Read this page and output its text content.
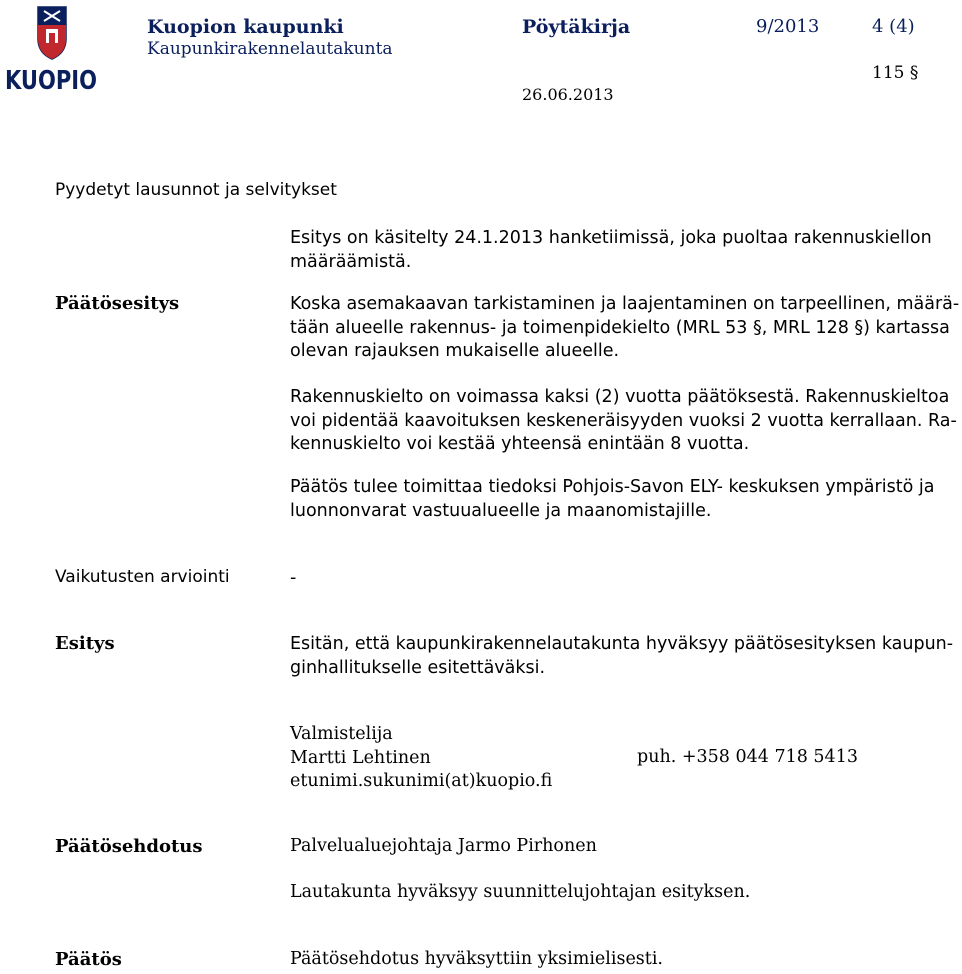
KUOPIO
Kuopion kaupunki
Kaupunkirakennelautakunta
Pöytäkirja	9/2013	4 (4)
115 §
26.06.2013
Pyydetyt lausunnot ja selvitykset
Esitys on käsitelty 24.1.2013 hanketiimissä, joka puoltaa rakennuskiellon
määräämistä.
Päätösesitys	Koska asemakaavan tarkistaminen ja laajentaminen on tarpeellinen, määrä-
tään alueelle rakennus- ja toimenpidekielto (MRL 53 §, MRL 128 §) kartassa
olevan rajauksen mukaiselle alueelle.
Rakennuskielto on voimassa kaksi (2) vuotta päätöksestä. Rakennuskieltoa
voi pidentää kaavoituksen keskeneräisyyden vuoksi 2 vuotta kerrallaan. Ra-
kennuskielto voi kestää yhteensä enintään 8 vuotta.
Päätös tulee toimittaa tiedoksi Pohjois-Savon ELY- keskuksen ympäristö ja
luonnonvarat vastuualueelle ja maanomistajille.
Vaikutusten arviointi	-
Esitys	Esitän, että kaupunkirakennelautakunta hyväksyy päätösesityksen kaupun-
ginhallitukselle esitettäväksi.
Valmistelija
Martti Lehtinen
etunimi.sukunimi(at)kuopio.fi
puh. +358 044 718 5413
Päätösehdotus	Palvelualuejohtaja Jarmo Pirhonen
Lautakunta hyväksyy suunnittelujohtajan esityksen.
Päätös	Päätösehdotus hyväksyttiin yksimielisesti.
